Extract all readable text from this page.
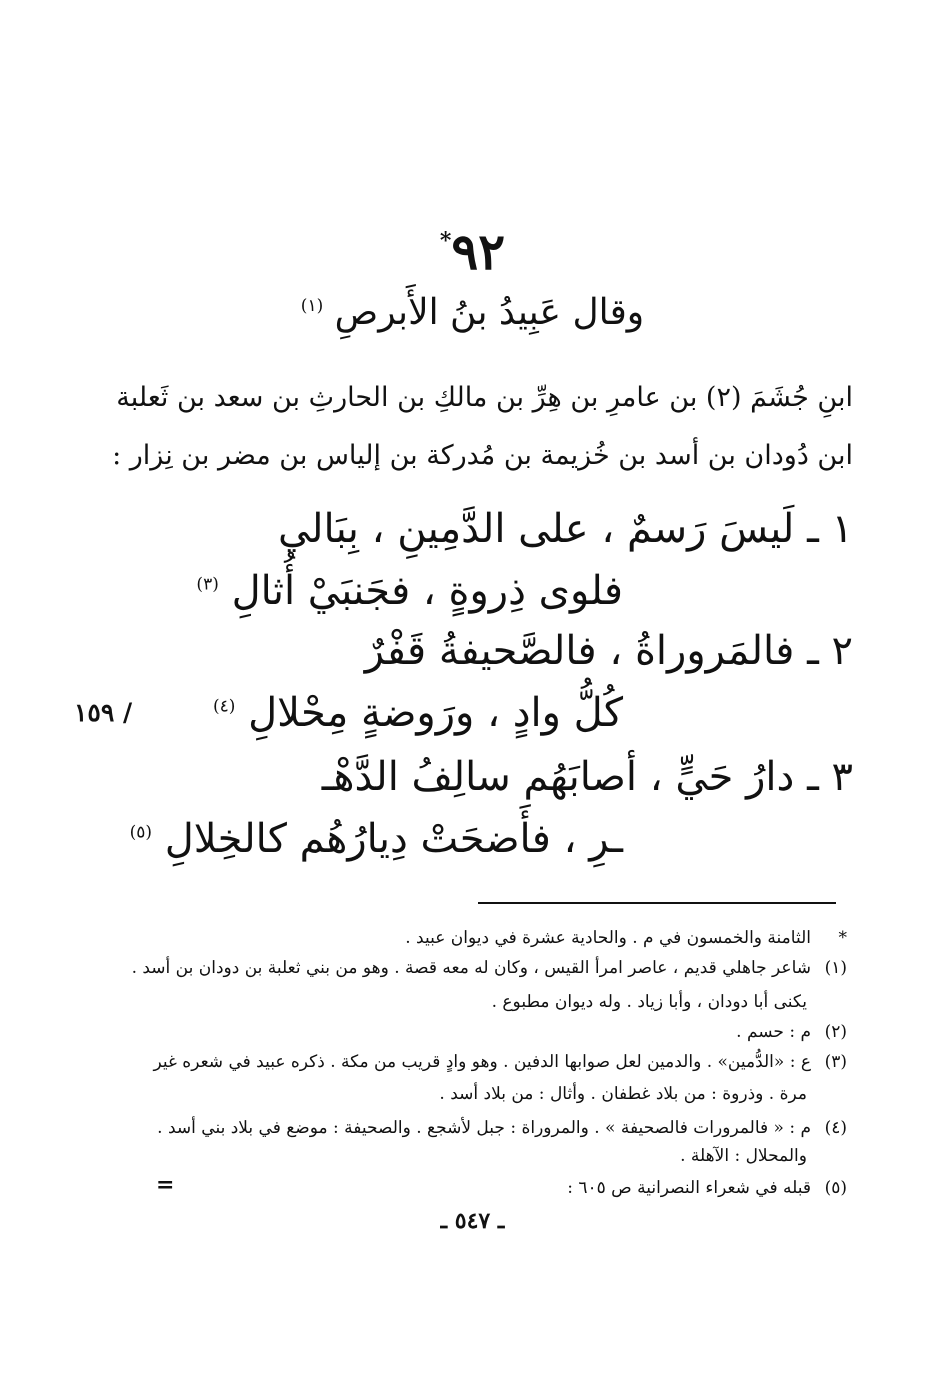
٩٢*
وقال عَبِيدُ بنُ الأَبرصِ $^{(١)}$
ابنِ جُشَمَ (٢) بن عامرِ بن هِرِّ بن مالكِ بن الحارثِ بن سعد بن ثَعلبة
ابن دُودان بن أسد بن خُزيمة بن مُدركة بن إلياس بن مضر بن نِزار :
١ ـ لَيسَ رَسمٌ ، على الدَّمِينِ ، بِبَالي
فلوى ذِروةٍ ، فجَنبَيْ أُثالِ $^{(٣)}$
٢ ـ فالمَروراةُ ، فالصَّحيفةُ قَفْرٌ
كُلُّ وادٍ ، ورَوضةٍ مِحْلالِ $^{(٤)}$
/ ١٥٩
٣ ـ دارُ حَيٍّ ، أصابَهُم سالِفُ الدَّهْـ
ـرِ ، فأَضحَتْ دِيارُهُم كالخِلالِ $^{(٥)}$
*الثامنة والخمسون في م . والحادية عشرة في ديوان عبيد .
(١)شاعر جاهلي قديم ، عاصر امرأ القيس ، وكان له معه قصة . وهو من بني ثعلبة بن دودان بن أسد .
يكنى أبا دودان ، وأبا زياد . وله ديوان مطبوع .
(٢)م : حسم .
(٣)ع : «الدُّمين» . والدمين لعل صوابها الدفين . وهو وادٍ قريب من مكة . ذكره عبيد في شعره غير
مرة . وذروة : من بلاد غطفان . وأثال : من بلاد أسد .
(٤)م : « فالمرورات فالصحيفة » . والمروراة : جبل لأشجع . والصحيفة : موضع في بلاد بني أسد .
والمحلال : الآهلة .
(٥)قبله في شعراء النصرانية ص ٦٠٥ :
=
ـ ٥٤٧ ـ
